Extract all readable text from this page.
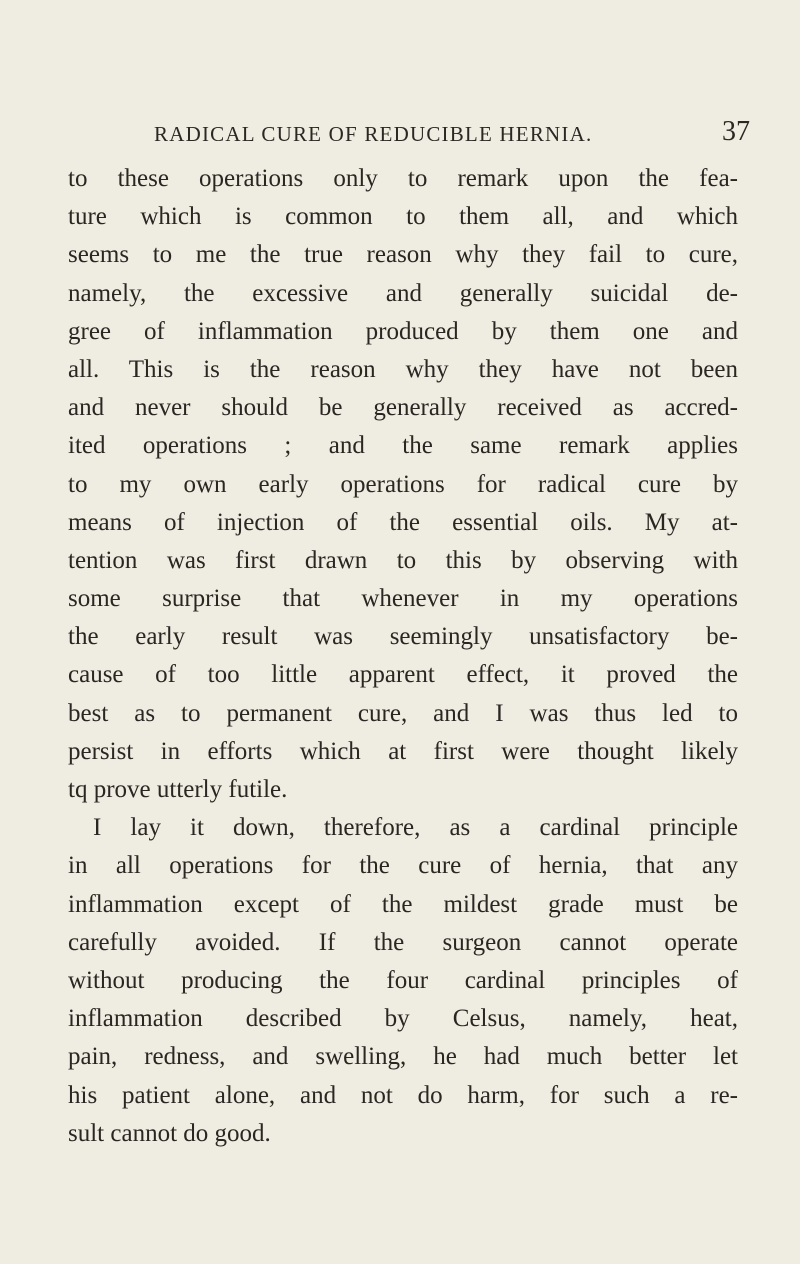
RADICAL CURE OF REDUCIBLE HERNIA.	37
to these operations only to remark upon the fea-
ture which is common to them all, and which
seems to me the true reason why they fail to cure,
namely, the excessive and generally suicidal de-
gree of inflammation produced by them one and
all. This is the reason why they have not been
and never should be generally received as accred-
ited operations ; and the same remark applies
to my own early operations for radical cure by
means of injection of the essential oils. My at-
tention was first drawn to this by observing with
some surprise that whenever in my operations
the early result was seemingly unsatisfactory be-
cause of too little apparent effect, it proved the
best as to permanent cure, and I was thus led to
persist in efforts which at first were thought likely
tq prove utterly futile.
I lay it down, therefore, as a cardinal principle
in all operations for the cure of hernia, that any
inflammation except of the mildest grade must be
carefully avoided. If the surgeon cannot operate
without producing the four cardinal principles of
inflammation described by Celsus, namely, heat,
pain, redness, and swelling, he had much better let
his patient alone, and not do harm, for such a re-
sult cannot do good.
